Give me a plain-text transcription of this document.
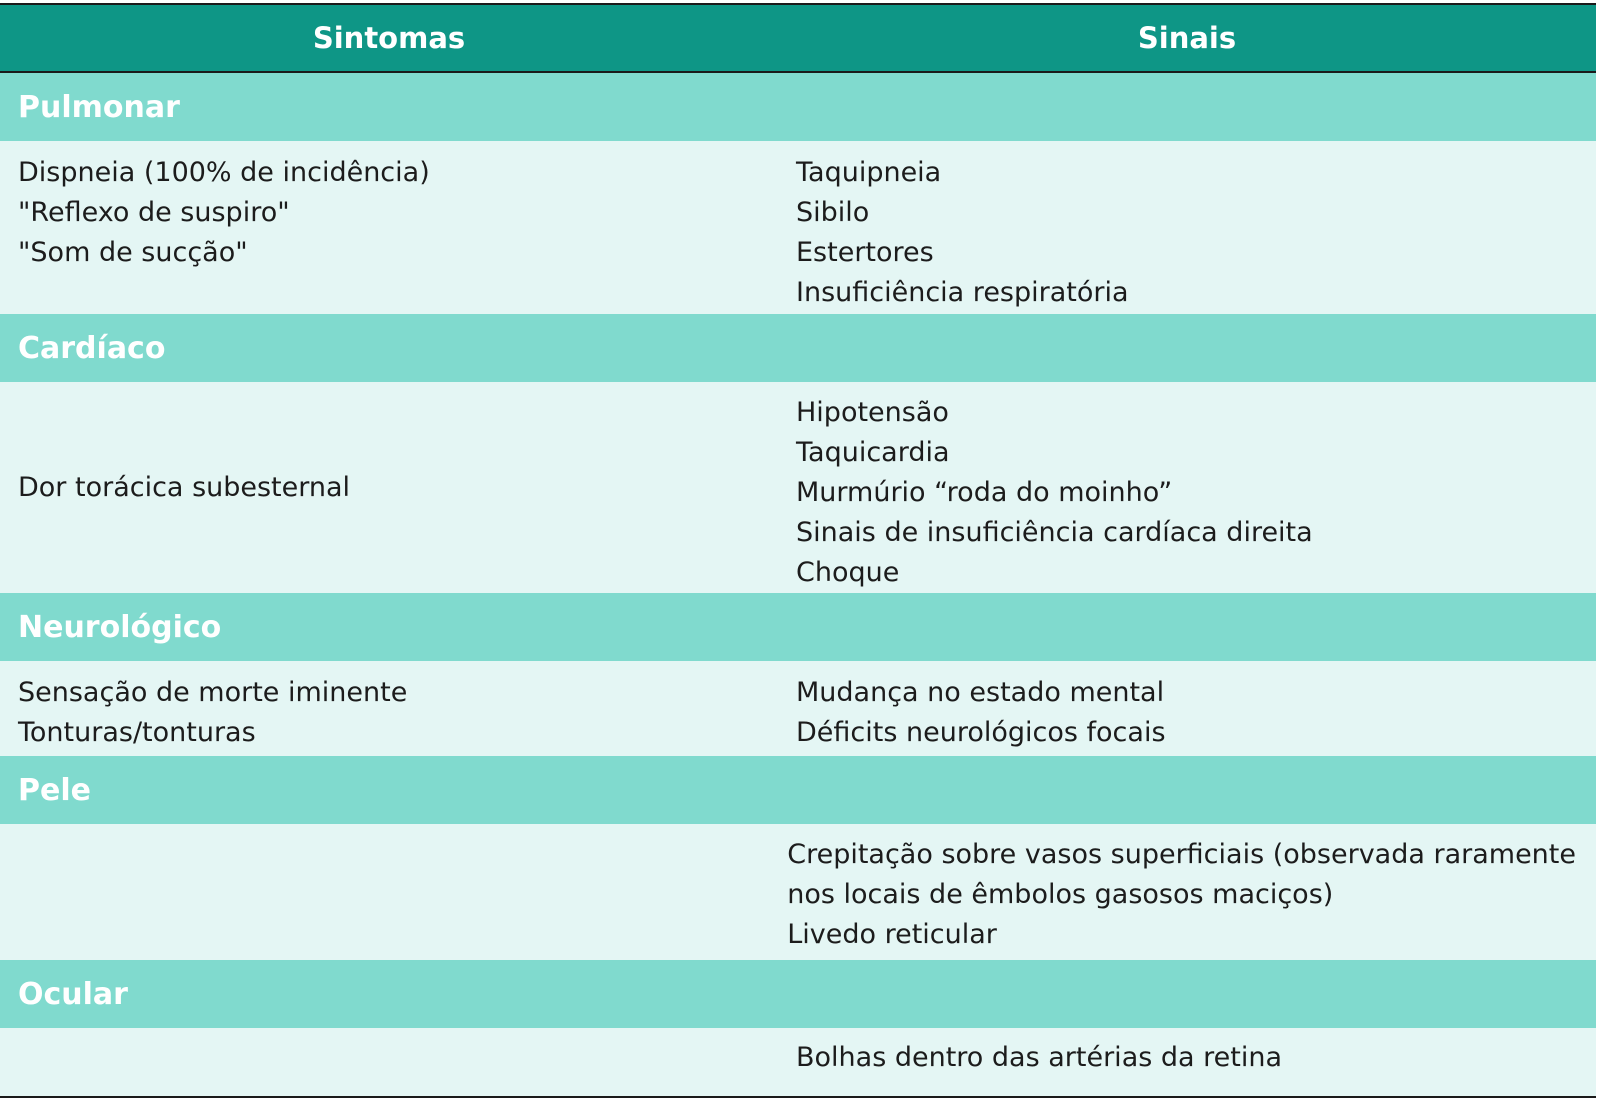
Sintomas	Sinais
Pulmonar
Dispneia (100% de incidência)
"Reflexo de suspiro"
"Som de sucção"
Taquipneia
Sibilo
Estertores
Insuficiência respiratória
Cardíaco
Dor torácica subesternal
Hipotensão
Taquicardia
Murmúrio “roda do moinho”
Sinais de insuficiência cardíaca direita
Choque
Neurológico
Sensação de morte iminente
Tonturas/tonturas
Mudança no estado mental
Déficits neurológicos focais
Pele
Crepitação sobre vasos superficiais (observada raramente
nos locais de êmbolos gasosos maciços)
Livedo reticular
Ocular
Bolhas dentro das artérias da retina
